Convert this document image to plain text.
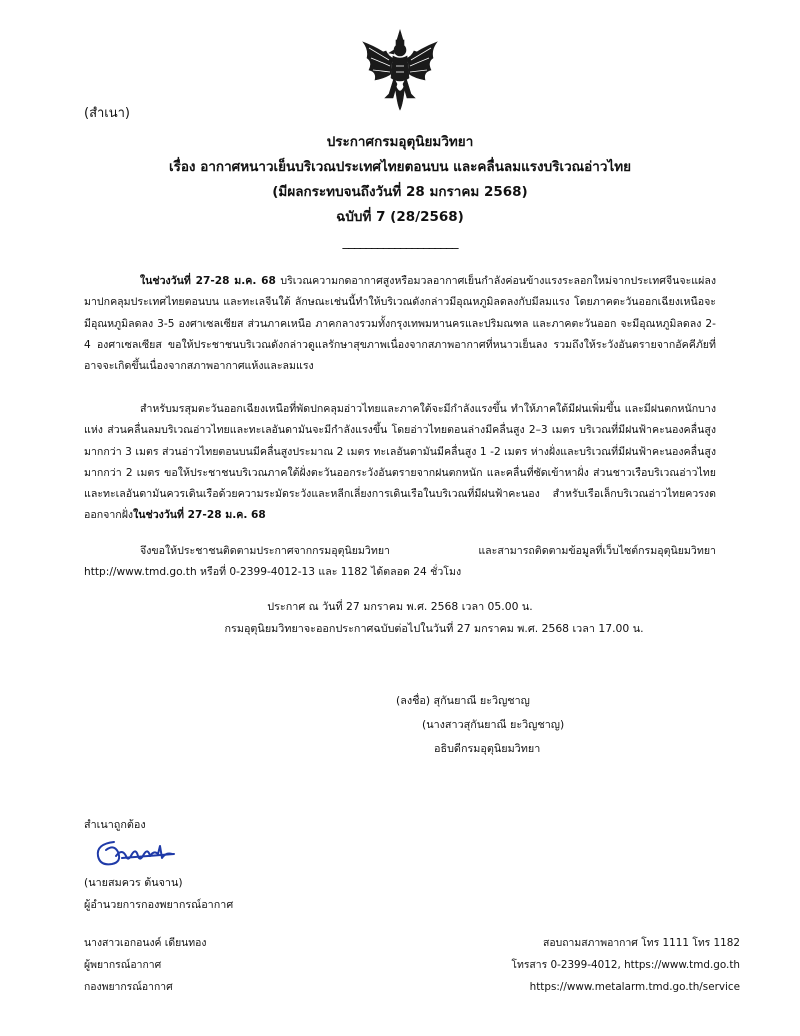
(สำเนา)
ประกาศกรมอุตุนิยมวิทยา
เรื่อง อากาศหนาวเย็นบริเวณประเทศไทยตอนบน และคลื่นลมแรงบริเวณอ่าวไทย
(มีผลกระทบจนถึงวันที่ 28 มกราคม 2568)
ฉบับที่ 7 (28/2568)
____________________

ในช่วงวันที่ 27-28 ม.ค. 68 บริเวณความกดอากาศสูงหรือมวลอากาศเย็นกำลังค่อนข้างแรงระลอกใหม่จากประเทศจีนจะแผ่ลงมาปกคลุมประเทศไทยตอนบน และทะเลจีนใต้ ลักษณะเช่นนี้ทำให้บริเวณดังกล่าวมีอุณหภูมิลดลงกับมีลมแรง โดยภาคตะวันออกเฉียงเหนือจะมีอุณหภูมิลดลง 3-5 องศาเซลเซียส ส่วนภาคเหนือ ภาคกลางรวมทั้งกรุงเทพมหานครและปริมณฑล และภาคตะวันออก จะมีอุณหภูมิลดลง 2-4 องศาเซลเซียส ขอให้ประชาชนบริเวณดังกล่าวดูแลรักษาสุขภาพเนื่องจากสภาพอากาศที่หนาวเย็นลง รวมถึงให้ระวังอันตรายจากอัคคีภัยที่อาจจะเกิดขึ้นเนื่องจากสภาพอากาศแห้งและลมแรง

สำหรับมรสุมตะวันออกเฉียงเหนือที่พัดปกคลุมอ่าวไทยและภาคใต้จะมีกำลังแรงขึ้น ทำให้ภาคใต้มีฝนเพิ่มขึ้น และมีฝนตกหนักบางแห่ง ส่วนคลื่นลมบริเวณอ่าวไทยและทะเลอันดามันจะมีกำลังแรงขึ้น โดยอ่าวไทยตอนล่างมีคลื่นสูง 2–3 เมตร บริเวณที่มีฝนฟ้าคะนองคลื่นสูงมากกว่า 3 เมตร ส่วนอ่าวไทยตอนบนมีคลื่นสูงประมาณ 2 เมตร ทะเลอันดามันมีคลื่นสูง 1 -2 เมตร ห่างฝั่งและบริเวณที่มีฝนฟ้าคะนองคลื่นสูงมากกว่า 2 เมตร ขอให้ประชาชนบริเวณภาคใต้ฝั่งตะวันออกระวังอันตรายจากฝนตกหนัก และคลื่นที่ซัดเข้าหาฝั่ง ส่วนชาวเรือบริเวณอ่าวไทยและทะเลอันดามันควรเดินเรือด้วยความระมัดระวังและหลีกเลี่ยงการเดินเรือในบริเวณที่มีฝนฟ้าคะนอง สำหรับเรือเล็กบริเวณอ่าวไทยควรงดออกจากฝั่งในช่วงวันที่ 27-28 ม.ค. 68

จึงขอให้ประชาชนติดตามประกาศจากกรมอุตุนิยมวิทยา และสามารถติดตามข้อมูลที่เว็บไซต์กรมอุตุนิยมวิทยา http://www.tmd.go.th หรือที่ 0-2399-4012-13 และ 1182 ได้ตลอด 24 ชั่วโมง

ประกาศ ณ วันที่ 27 มกราคม พ.ศ. 2568 เวลา 05.00 น.
กรมอุตุนิยมวิทยาจะออกประกาศฉบับต่อไปในวันที่ 27 มกราคม พ.ศ. 2568 เวลา 17.00 น.
(ลงชื่อ) สุกันยาณี ยะวิญชาญ
(นางสาวสุกันยาณี ยะวิญชาญ)
อธิบดีกรมอุตุนิยมวิทยา
สำเนาถูกต้อง
(นายสมควร ต้นจาน)
ผู้อำนวยการกองพยากรณ์อากาศ
นางสาวเอกอนงค์ เดียนทอง
ผู้พยากรณ์อากาศ
กองพยากรณ์อากาศ
สอบถามสภาพอากาศ โทร 1111 โทร 1182
โทรสาร 0-2399-4012, https://www.tmd.go.th
https://www.metalarm.tmd.go.th/service
